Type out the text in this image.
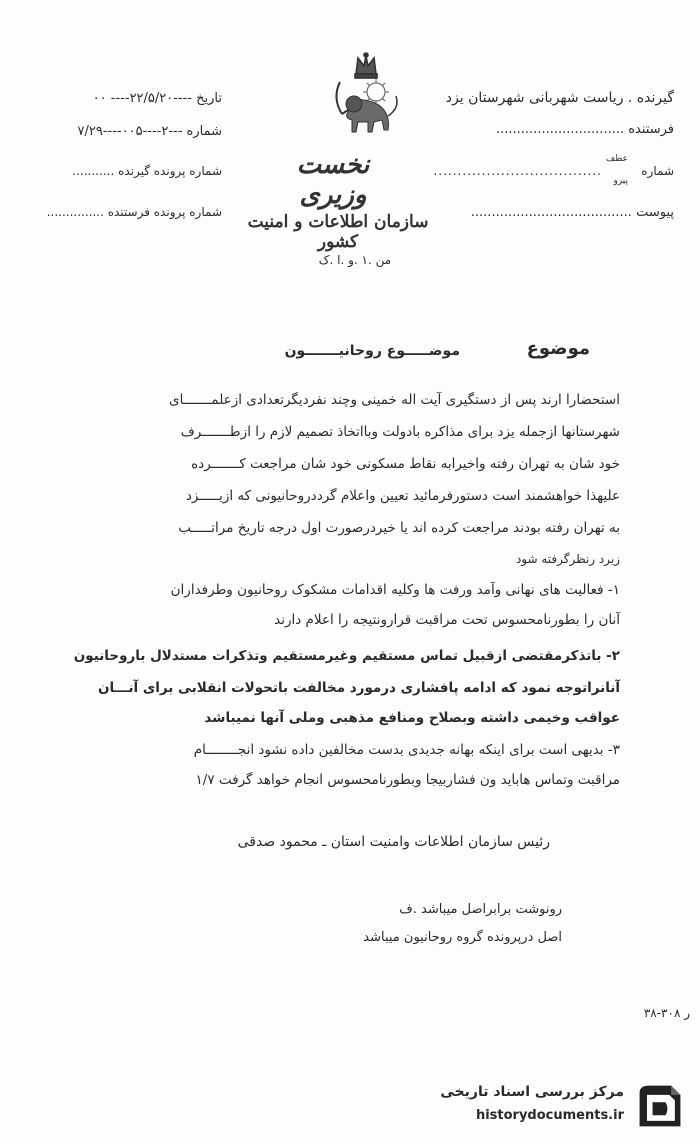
گیرنده . ریاست شهربانی شهرستان یزد
فرستنده ...............................
شماره
عطف
پیرو
...................................
پیوست .......................................
تاریخ ----۲۲/۵/۲۰---- ۰۰
شماره ---۲----۰۰۵----۷/۲۹
شماره پرونده گیرنده ...........
شماره پرونده فرستنده ...............
نخست وزیری
سازمان اطلاعات و امنیت کشور
من .۱ .و .ا .ک
موضوع
موضـــــوع روحانیـــــــون
استحضارا ارند پس از دستگیری آیت اله خمینی وچند نفردیگرتعدادی ازعلمـــــــای
شهرستانها ازجمله یزد برای مذاکره بادولت وبااتخاذ تصمیم لازم را ازطـــــــرف
خود شان به تهران رفته واخیرابه نقاط مسکونی خود شان مراجعت کـــــــرده
علیهذا خواهشمند است دستورفرمائید تعیین واعلام گرددروحانیونی که ازیـــــزد
به تهران رفته بودند مراجعت کرده اند یا خیردرصورت اول درجه تاریخ مراتـــــب
زیرد رنظرگرفته شود
۱- فعالیت های نهانی وآمد ورفت ها وکلیه اقدامات مشکوک روحانیون وطرفداران
آنان را بطورنامحسوس تحت مراقبت قرارونتیجه را اعلام دارند
۲- باتذکرمقتضی ازقبیل تماس مستقیم وغیرمستقیم وتذکرات مستدلال باروحانیون
آنانراتوجه نمود که ادامه پافشاری درمورد مخالفت باتحولات انقلابی برای آنـــان
عواقب وخیمی داشته وبصلاح ومنافع مذهبی وملی آنها نمیباشد
۳- بدیهی است برای اینکه بهانه جدیدی بدست مخالفین داده نشود انجــــــــام
مراقبت وتماس هاباید ون فشاربیجا وبطورنامحسوس انجام خواهد گرفت ۱/۷
رئیس سازمان اطلاعات وامنیت استان ـ محمود صدقی
رونوشت برابراصل میباشد .ف
اصل درپرونده گروه روحانیون میباشد
ر ۳۰۸-۳۸
مرکز بررسی اسناد تاریخی
historydocuments.ir
